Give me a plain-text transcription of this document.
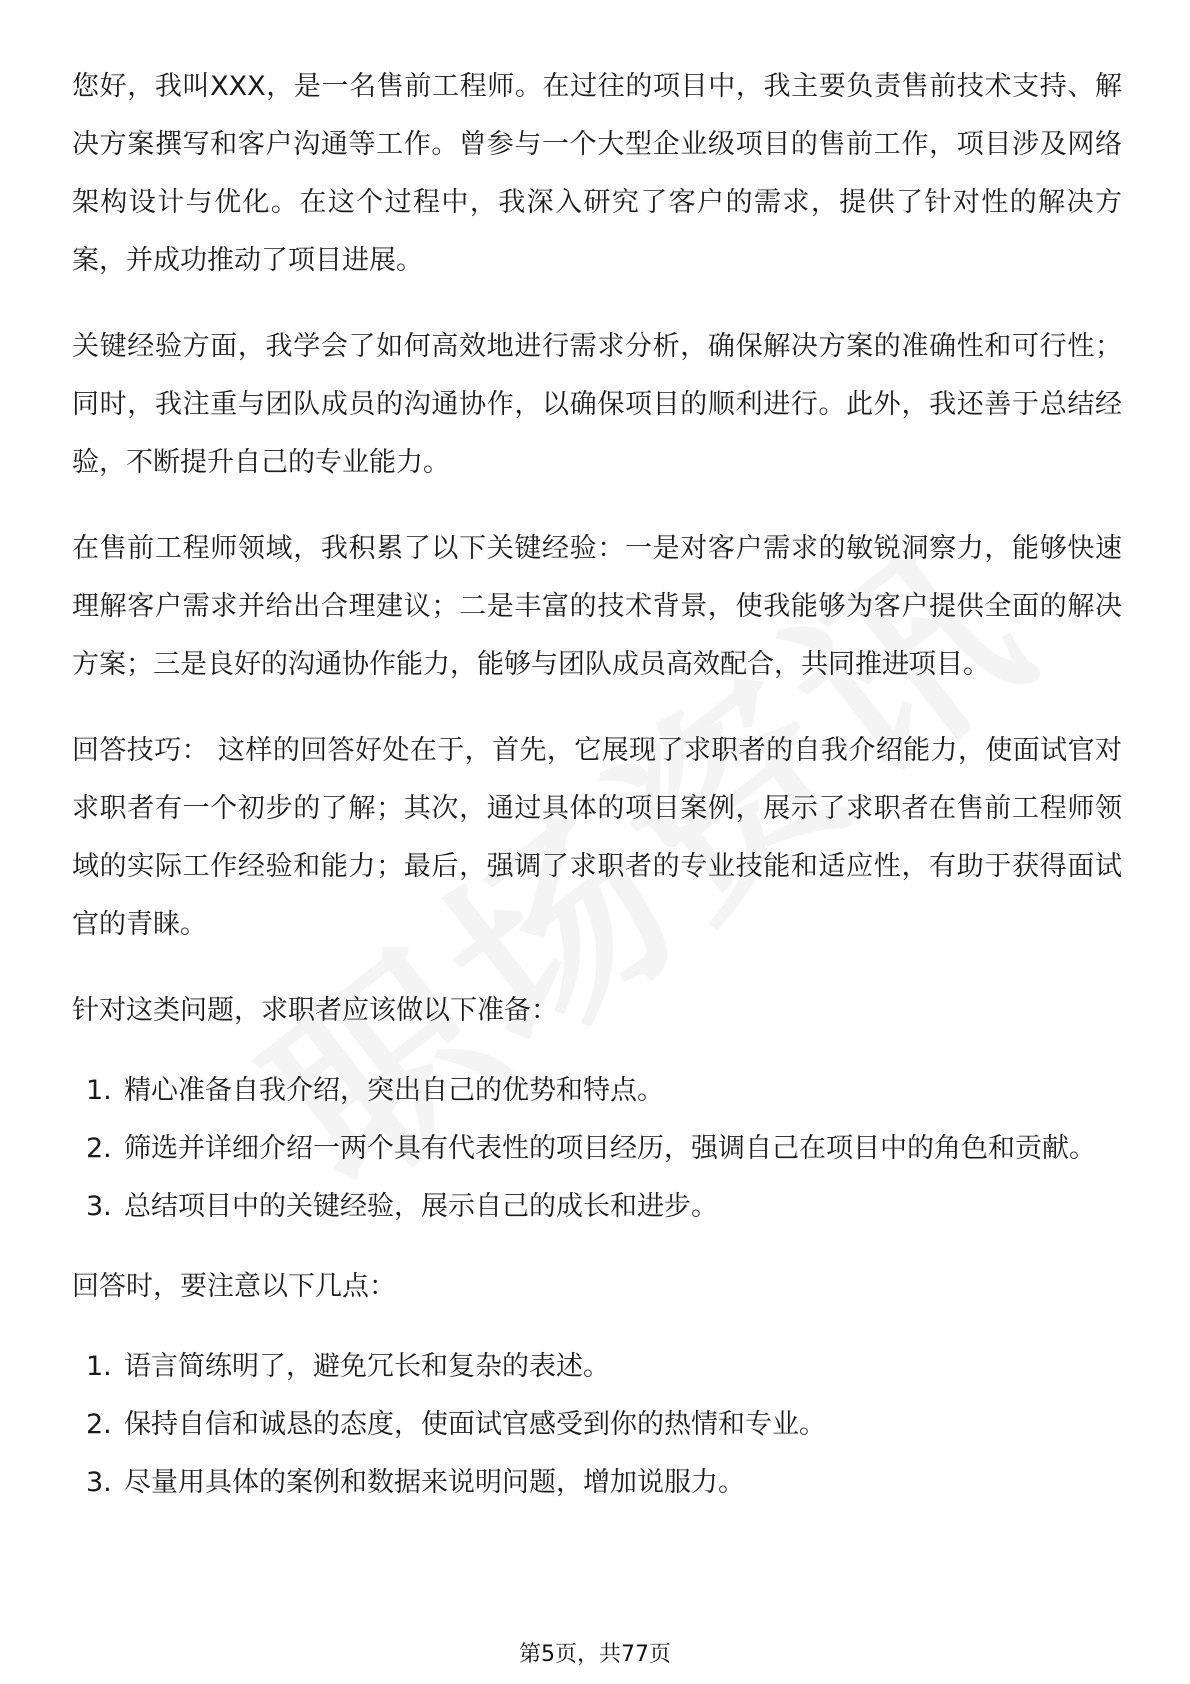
您好，我叫XXX，是一名售前工程师。在过往的项目中，我主要负责售前技术支持、解决方案撰写和客户沟通等工作。曾参与一个大型企业级项目的售前工作，项目涉及网络架构设计与优化。在这个过程中，我深入研究了客户的需求，提供了针对性的解决方案，并成功推动了项目进展。

关键经验方面，我学会了如何高效地进行需求分析，确保解决方案的准确性和可行性；同时，我注重与团队成员的沟通协作，以确保项目的顺利进行。此外，我还善于总结经验，不断提升自己的专业能力。

在售前工程师领域，我积累了以下关键经验：一是对客户需求的敏锐洞察力，能够快速理解客户需求并给出合理建议；二是丰富的技术背景，使我能够为客户提供全面的解决方案；三是良好的沟通协作能力，能够与团队成员高效配合，共同推进项目。

回答技巧： 这样的回答好处在于，首先，它展现了求职者的自我介绍能力，使面试官对求职者有一个初步的了解；其次，通过具体的项目案例，展示了求职者在售前工程师领域的实际工作经验和能力；最后，强调了求职者的专业技能和适应性，有助于获得面试官的青睐。

针对这类问题，求职者应该做以下准备：

1. 精心准备自我介绍，突出自己的优势和特点。
2. 筛选并详细介绍一两个具有代表性的项目经历，强调自己在项目中的角色和贡献。
3. 总结项目中的关键经验，展示自己的成长和进步。

回答时，要注意以下几点：

1. 语言简练明了，避免冗长和复杂的表述。
2. 保持自信和诚恳的态度，使面试官感受到你的热情和专业。
3. 尽量用具体的案例和数据来说明问题，增加说服力。
第5页，共77页
